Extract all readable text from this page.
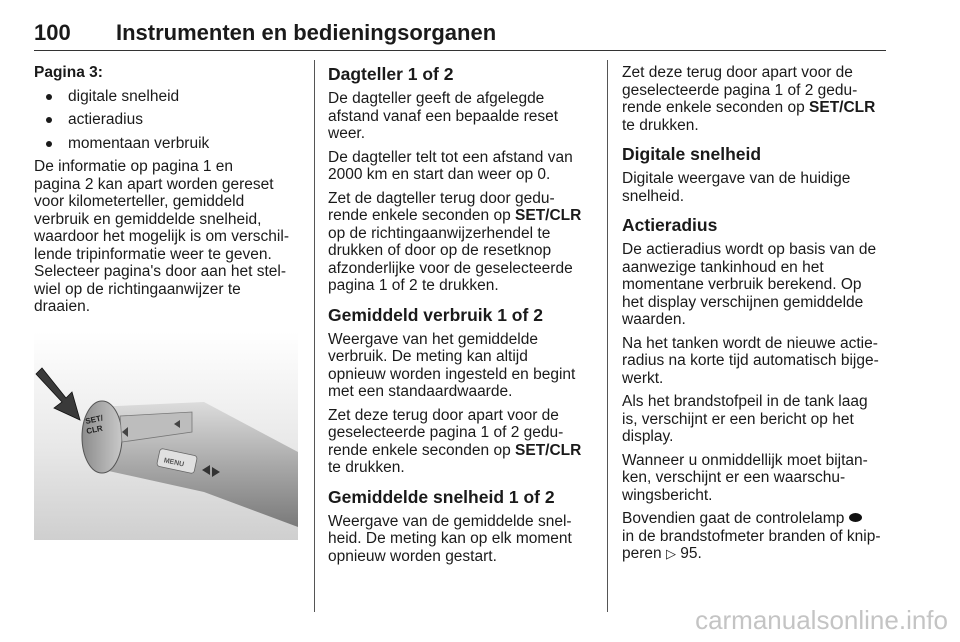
100 Instrumenten en bedieningsorganen
Pagina 3:
digitale snelheid
actieradius
momentaan verbruik

De informatie op pagina 1 en
pagina 2 kan apart worden gereset
voor kilometerteller, gemiddeld
verbruik en gemiddelde snelheid,
waardoor het mogelijk is om verschil-
lende tripinformatie weer te geven.
Selecteer pagina's door aan het stel-
wiel op de richtingaanwijzer te
draaien.

SET/
CLR
MENU
Dagteller 1 of 2

De dagteller geeft de afgelegde
afstand vanaf een bepaalde reset
weer.

De dagteller telt tot een afstand van
2000 km en start dan weer op 0.

Zet de dagteller terug door gedu-
rende enkele seconden op SET/CLR
op de richtingaanwijzerhendel te
drukken of door op de resetknop
afzonderlijke voor de geselecteerde
pagina 1 of 2 te drukken.

Gemiddeld verbruik 1 of 2

Weergave van het gemiddelde
verbruik. De meting kan altijd
opnieuw worden ingesteld en begint
met een standaardwaarde.

Zet deze terug door apart voor de
geselecteerde pagina 1 of 2 gedu-
rende enkele seconden op SET/CLR
te drukken.

Gemiddelde snelheid 1 of 2

Weergave van de gemiddelde snel-
heid. De meting kan op elk moment
opnieuw worden gestart.

Zet deze terug door apart voor de
geselecteerde pagina 1 of 2 gedu-
rende enkele seconden op SET/CLR
te drukken.

Digitale snelheid

Digitale weergave van de huidige
snelheid.

Actieradius

De actieradius wordt op basis van de
aanwezige tankinhoud en het
momentane verbruik berekend. Op
het display verschijnen gemiddelde
waarden.

Na het tanken wordt de nieuwe actie-
radius na korte tijd automatisch bijge-
werkt.

Als het brandstofpeil in de tank laag
is, verschijnt er een bericht op het
display.

Wanneer u onmiddellijk moet bijtan-
ken, verschijnt er een waarschu-
wingsbericht.

Bovendien gaat de controlelamp
in de brandstofmeter branden of knip-
peren ▷ 95.

carmanualsonline.info
